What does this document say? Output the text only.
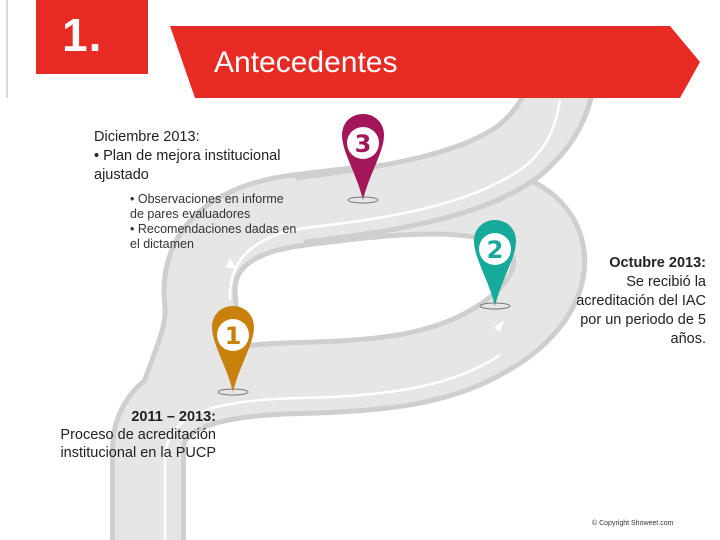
1.
Antecedentes
3
2
1
Diciembre 2013:
• Plan de mejora institucional
ajustado
• Observaciones en informe
de pares evaluadores
• Recomendaciones dadas en
el dictamen
Octubre 2013:
Se recibió la
acreditación del IAC
por un periodo de 5
años.
2011 – 2013:
Proceso de acreditación
institucional en la PUCP
© Copyright Showeet.com
